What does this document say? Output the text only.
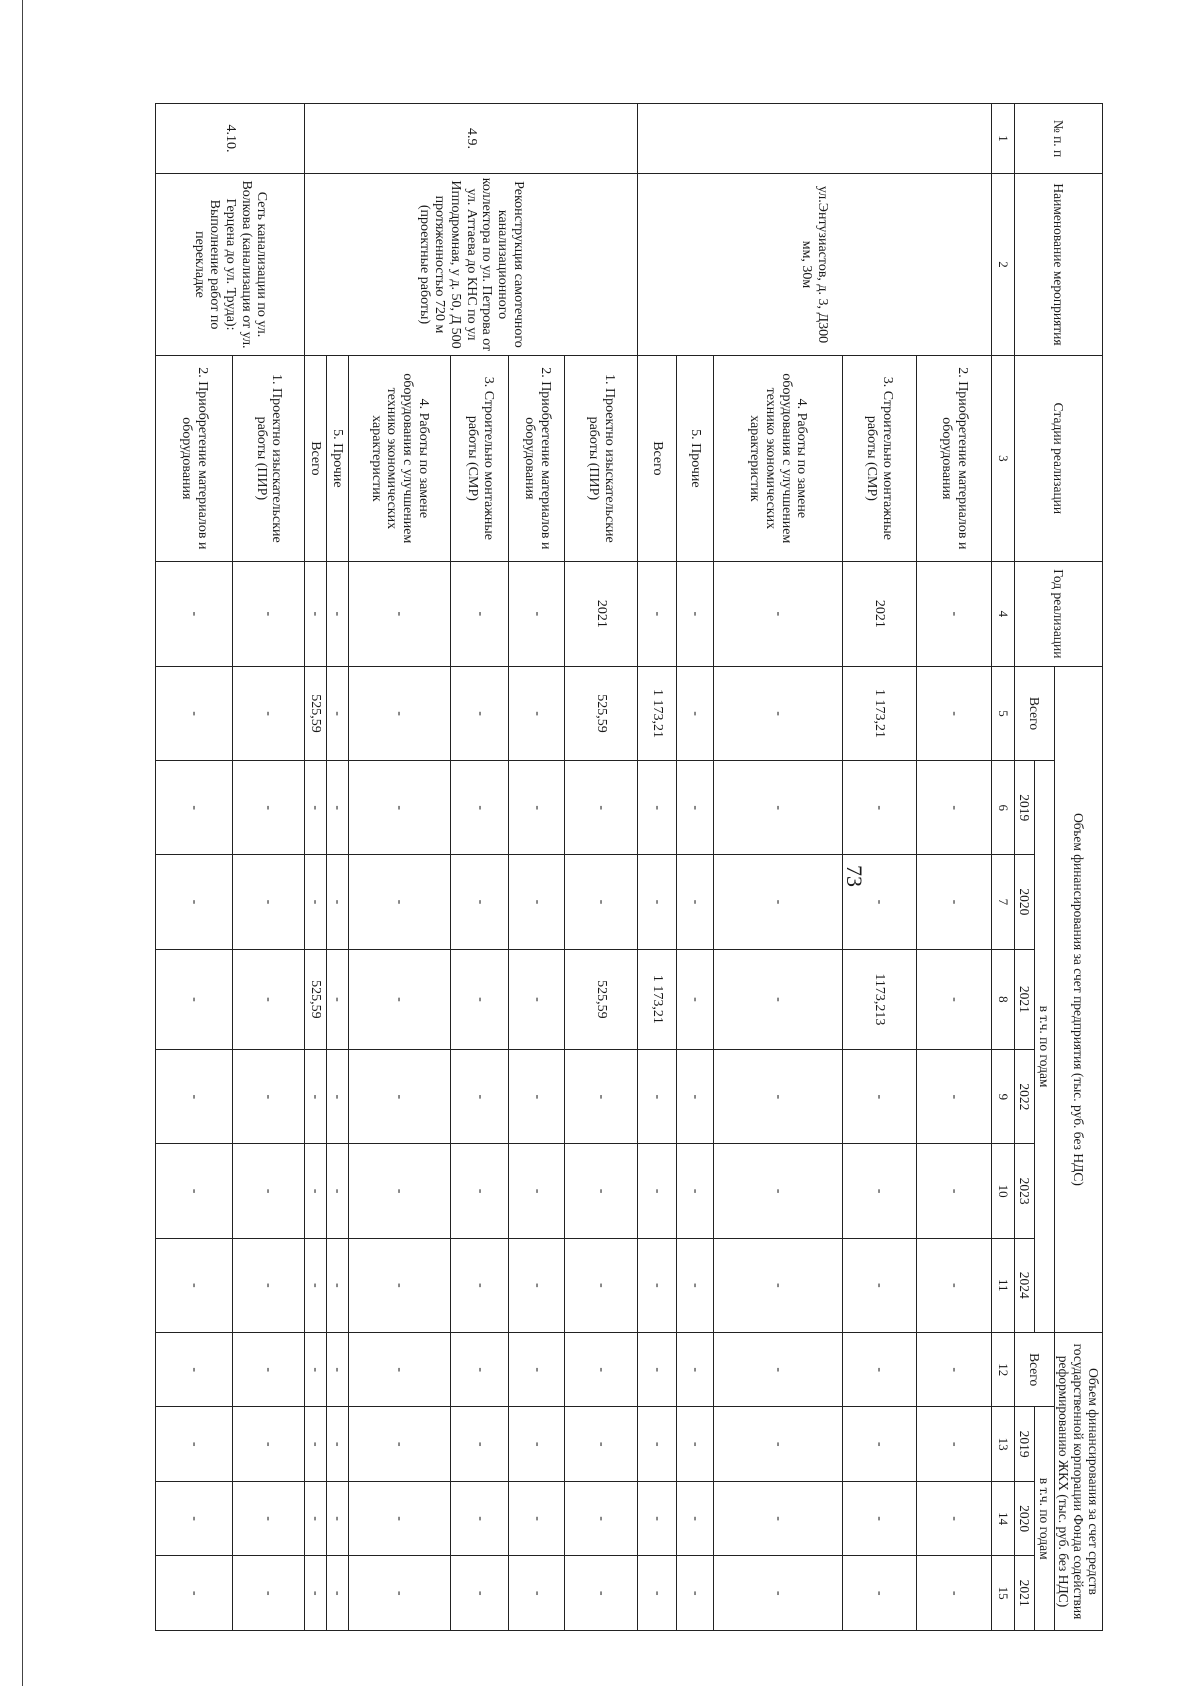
73
№ п. п	Наименование мероприятия	Стадии реализации	Год реализации	Объем финансирования за счет предприятия (тыс. руб. без НДС)							Объем финансирования за счет средств государственной корпорации Фонда содействия реформированию ЖКХ (тыс. руб. без НДС)			
				Всего	в т.ч. по годам						Всего	в т.ч. по годам		
					2019	2020	2021	2022	2023	2024		2019	2020	2021
1	2	3	4	5	6	7	8	9	10	11	12	13	14	15
	ул.Энтузиастов, д. 3, Д300 мм, 30м	2. Приобретение материалов и оборудования	-	-	-	-	-	-	-	-	-	-	-	-
		3. Строительно монтажные работы (СМР)	2021	1 173,21	-	-	1173,213	-	-	-	-	-	-	-
		4. Работы по замене оборудования с улучшением технико экономических характеристик	-	-	-	-	-	-	-	-	-	-	-	-
		5. Прочие	-	-	-	-	-	-	-	-	-	-	-	-
		Всего	-	1 173,21	-	-	1 173,21	-	-	-	-	-	-	-
4.9.	Реконструкция самотечного канализационного коллектора по ул. Петрова от ул. Аттаева до КНС по ул Ипподромная, у д. 50, Д 500 протяженностью 720 м (проектные работы)	1. Проектно изыскательские работы (ПИР)	2021	525,59	-	-	525,59	-	-	-	-	-	-	-
		2. Приобретение материалов и оборудования	-	-	-	-	-	-	-	-	-	-	-	-
		3. Строительно монтажные работы (СМР)	-	-	-	-	-	-	-	-	-	-	-	-
		4. Работы по замене оборудования с улучшением технико экономических характеристик	-	-	-	-	-	-	-	-	-	-	-	-
		5. Прочие	-	-	-	-	-	-	-	-	-	-	-	-
		Всего	-	525,59	-	-	525,59	-	-	-	-	-	-	-
4.10.	Сеть канализации по ул. Волкова (канализация от ул. Герцена до ул. Труда): Выполнение работ по перекладке	1. Проектно изыскательские работы (ПИР)	-	-	-	-	-	-	-	-	-	-	-	-
		2. Приобретение материалов и оборудования	-	-	-	-	-	-	-	-	-	-	-	-
